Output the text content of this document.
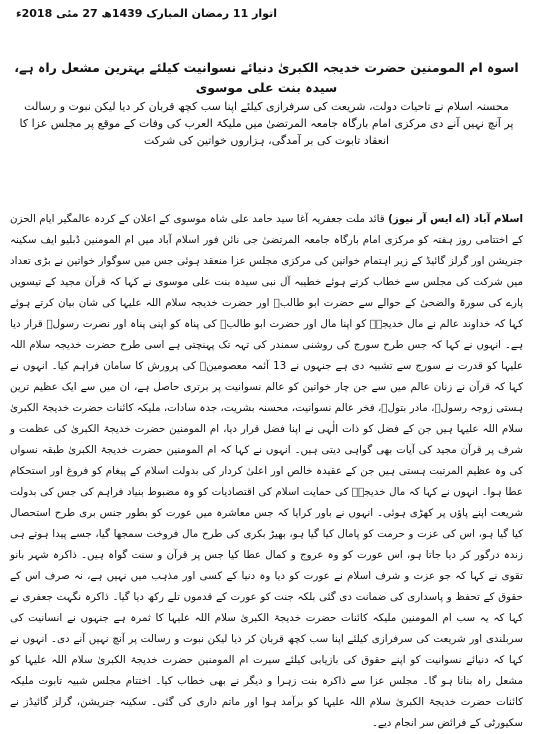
اتوار 11 رمضان المبارک 1439ھ 27 مئی 2018ء
اسوہ ام المومنین حضرت خدیجہ الکبریٰ دنیائے نسوانیت کیلئے بہترین مشعل راہ ہے، سیدہ بنت علی موسوی
محسنہ اسلام نے تاحیات دولت، شریعت کی سرفرازی کیلئے اپنا سب کچھ قربان کر دیا لیکن نبوت و رسالت پر آنچ نہیں آنے دی مرکزی امام بارگاہ جامعہ المرتضیٰ میں ملیکۃ العرب کی وفات کے موقع پر مجلس عزا کا انعقاد تابوت کی بر آمدگی، ہزاروں خواتین کی شرکت

اسلام آباد (اے ایس آر نیوز) قائد ملت جعفریہ آغا سید حامد علی شاہ موسوی کے اعلان کے کردہ عالمگیر ایام الحزن کے اختتامی روز ہفتہ کو مرکزی امام بارگاہ جامعہ المرتضیٰ جی نائن فور اسلام آباد میں ام المومنین ڈبلیو ایف سکینہ جنریشن اور گرلز گائیڈ کے زیر اہتمام خواتین کی مرکزی مجلس عزا منعقد ہوئی جس میں سوگوار خواتین نے بڑی تعداد میں شرکت کی مجلس سے خطاب کرتے ہوئے خطیبہ آل نبی سیدہ بنت علی موسوی نے کہا کہ قرآن مجید کے تیسویں پارے کی سورۃ والضحیٰ کے حوالے سے حضرت ابو طالبؑ اور حضرت خدیجہ سلام اللہ علیہا کی شان بیان کرتے ہوئے کہا کہ خداوند عالم نے مال خدیجہؑ کو اپنا مال اور حضرت ابو طالبؑ کی پناہ کو اپنی پناہ اور نصرت رسولؐ قرار دیا ہے۔ انہوں نے کہا کہ جس طرح سورج کی روشنی سمندر کی تہہ تک پہنچتی ہے اسی طرح حضرت خدیجہ سلام اللہ علیہا کو قدرت نے سورج سے تشبیہ دی ہے جنہوں نے 13 آئمہ معصومینؑ کی پرورش کا سامان فراہم کیا۔ انہوں نے کہا کہ قرآن نے زنان عالم میں سے جن چار خواتین کو عالم نسوانیت پر برتری حاصل ہے، ان میں سے ایک عظیم ترین ہستی زوجہ رسولؐ، مادر بتولؑ، فخر عالم نسوانیت، محسنہ بشریت، جدہ سادات، ملیکہ کائنات حضرت خدیجۃ الکبریٰ سلام اللہ علیہا ہیں جن کے فضل کو ذات الٰہی نے اپنا فضل قرار دیا، ام المومنین حضرت خدیجۃ الکبریٰ کی عظمت و شرف پر قرآن مجید کی آیات بھی گواہی دیتی ہیں۔ انہوں نے کہا کہ ام المومنین حضرت خدیجۃ الکبریٰ طبقہ نسواں کی وہ عظیم المرتبت ہستی ہیں جن کے عقیدہ خالص اور اعلیٰ کردار کی بدولت اسلام کے پیغام کو فروغ اور استحکام عطا ہوا۔ انہوں نے کہا کہ مال خدیجہؑ کی حمایت اسلام کی اقتصادیات کو وہ مضبوط بنیاد فراہم کی جس کی بدولت شریعت اپنے پاؤں پر کھڑی ہوئی۔ انہوں نے باور کرایا کہ جس معاشرہ میں عورت کو بطور جنس بری طرح استحصال کیا گیا ہو، اس کی عزت و حرمت کو پامال کیا گیا ہو، بھیڑ بکری کی طرح مال فروخت سمجھا گیا، جسے پیدا ہوتے ہی زندہ درگور کر دیا جاتا ہو، اس عورت کو وہ عروج و کمال عطا کیا جس پر قرآن و سنت گواہ ہیں۔ ذاکرہ شہر بانو تقوی نے کہا کہ جو عزت و شرف اسلام نے عورت کو دیا وہ دنیا کے کسی اور مذہب میں نہیں ہے، نہ صرف اس کے حقوق کے تحفظ و پاسداری کی ضمانت دی گئی بلکہ جنت کو عورت کے قدموں تلے رکھ دیا گیا۔ ذاکرہ نگہت جعفری نے کہا کہ یہ سب ام المومنین ملیکہ کائنات حضرت خدیجۃ الکبریٰ سلام اللہ علیہا کا ثمرہ ہے جنہوں نے انسانیت کی سربلندی اور شریعت کی سرفرازی کیلئے اپنا سب کچھ قربان کر دیا لیکن نبوت و رسالت پر آنچ نہیں آنے دی۔ انہوں نے کہا کہ دنیائے نسوانیت کو اپنے حقوق کی بازیابی کیلئے سیرت ام المومنین حضرت خدیجۃ الکبریٰ سلام اللہ علیہا کو مشعل راہ بنانا ہو گا۔ مجلس عزا سے ذاکرہ بنت زہرا و دیگر نے بھی خطاب کیا۔ اختتام مجلس شبیہ تابوت ملیکہ کائنات حضرت خدیجۃ الکبریٰ سلام اللہ علیہا کو برآمد ہوا اور ماتم داری کی گئی۔ سکینہ جنریشن، گرلز گائیڈز نے سکیورٹی کے فرائض سر انجام دیے۔
